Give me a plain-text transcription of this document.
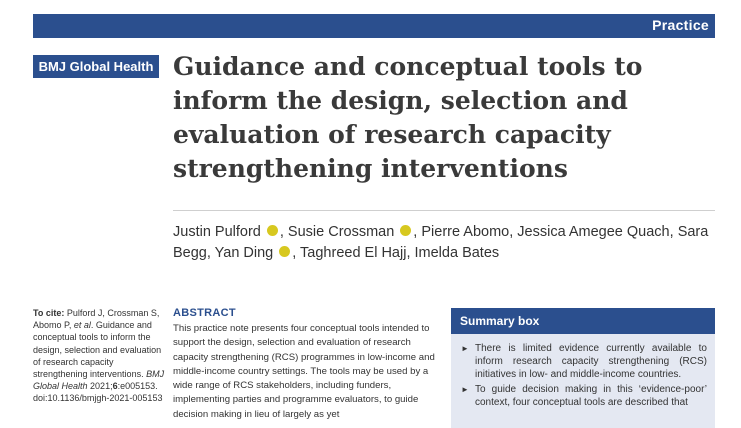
Practice
BMJ Global Health Guidance and conceptual tools to inform the design, selection and evaluation of research capacity strengthening interventions
Justin Pulford , Susie Crossman , Pierre Abomo, Jessica Amegee Quach, Sara Begg, Yan Ding , Taghreed El Hajj, Imelda Bates
To cite: Pulford J, Crossman S, Abomo P, et al. Guidance and conceptual tools to inform the design, selection and evaluation of research capacity strengthening interventions. BMJ Global Health 2021;6:e005153. doi:10.1136/bmjgh-2021-005153
ABSTRACT
This practice note presents four conceptual tools intended to support the design, selection and evaluation of research capacity strengthening (RCS) programmes in low-income and middle-income country settings. The tools may be used by a wide range of RCS stakeholders, including funders, implementing parties and programme evaluators, to guide decision making in lieu of largely as yet
Summary box
► There is limited evidence currently available to inform research capacity strengthening (RCS) initiatives in low- and middle-income countries.
► To guide decision making in this ‘evidence-poor’ context, four conceptual tools are described that
